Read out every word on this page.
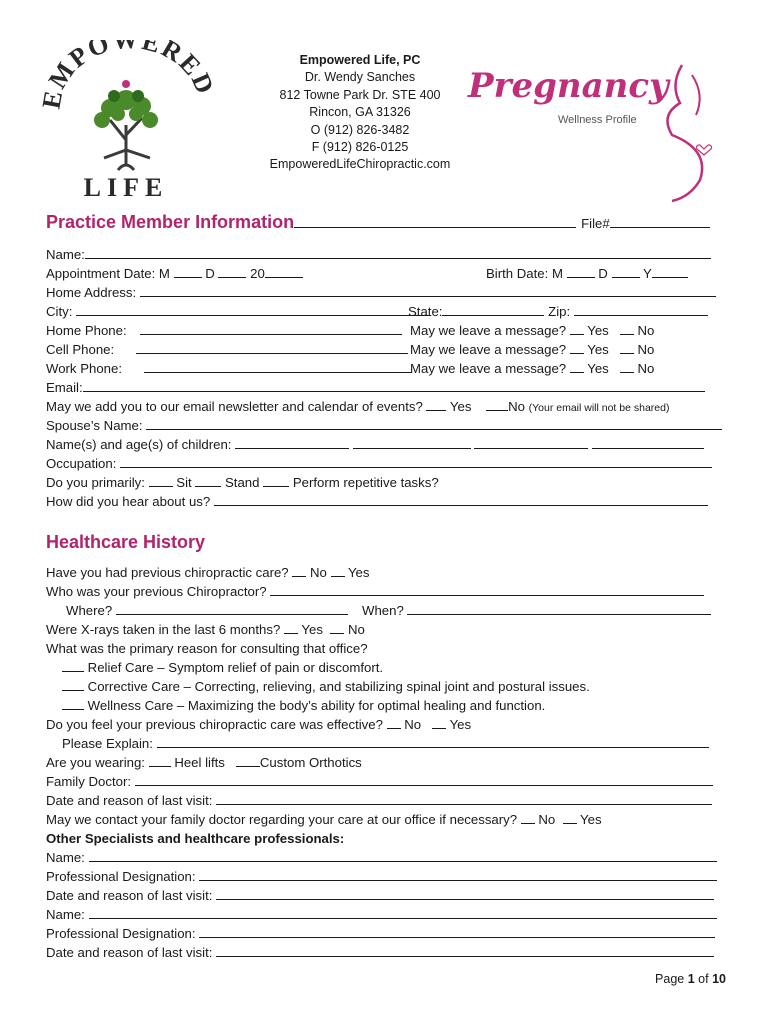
MPO ERE
LIFE
Empowered Life, PC
Dr. Wendy Sanches
812 Towne Park Dr. STE 400
Rincon, GA 31326
O (912) 826-3482
F (912) 826-0125
EmpoweredLifeChiropractic.com
Pregnancy
Wellness Profile
Practice Member Information	File#
Name:
Appointment Date: M	D	20	Birth Date: M	D	Y
Home Address:
City:	State:	Zip:
Home Phone:	May we leave a message? Yes No
Cell Phone:	May we leave a message? Yes No
Work Phone:	May we leave a message? Yes No
Email:
May we add you to our email newsletter and calendar of events? Yes	No (Your email will not be shared)
Spouse’s Name:
Name(s) and age(s) of children:
Occupation:
Do you primarily: Sit	Stand	Perform repetitive tasks?
How did you hear about us?
Healthcare History
Have you had previous chiropractic care? No Yes
Who was your previous Chiropractor?
Where?	When?
Were X-rays taken in the last 6 months? Yes No
What was the primary reason for consulting that office?
Relief Care – Symptom relief of pain or discomfort.
Corrective Care – Correcting, relieving, and stabilizing spinal joint and postural issues.
Wellness Care – Maximizing the body’s ability for optimal healing and function.
Do you feel your previous chiropractic care was effective? No Yes
Please Explain:
Are you wearing: Heel lifts	Custom Orthotics
Family Doctor:
Date and reason of last visit:
May we contact your family doctor regarding your care at our office if necessary? No Yes
Other Specialists and healthcare professionals:
Name:
Professional Designation:
Date and reason of last visit:
Name:
Professional Designation:
Date and reason of last visit:
Page 1 of 10
